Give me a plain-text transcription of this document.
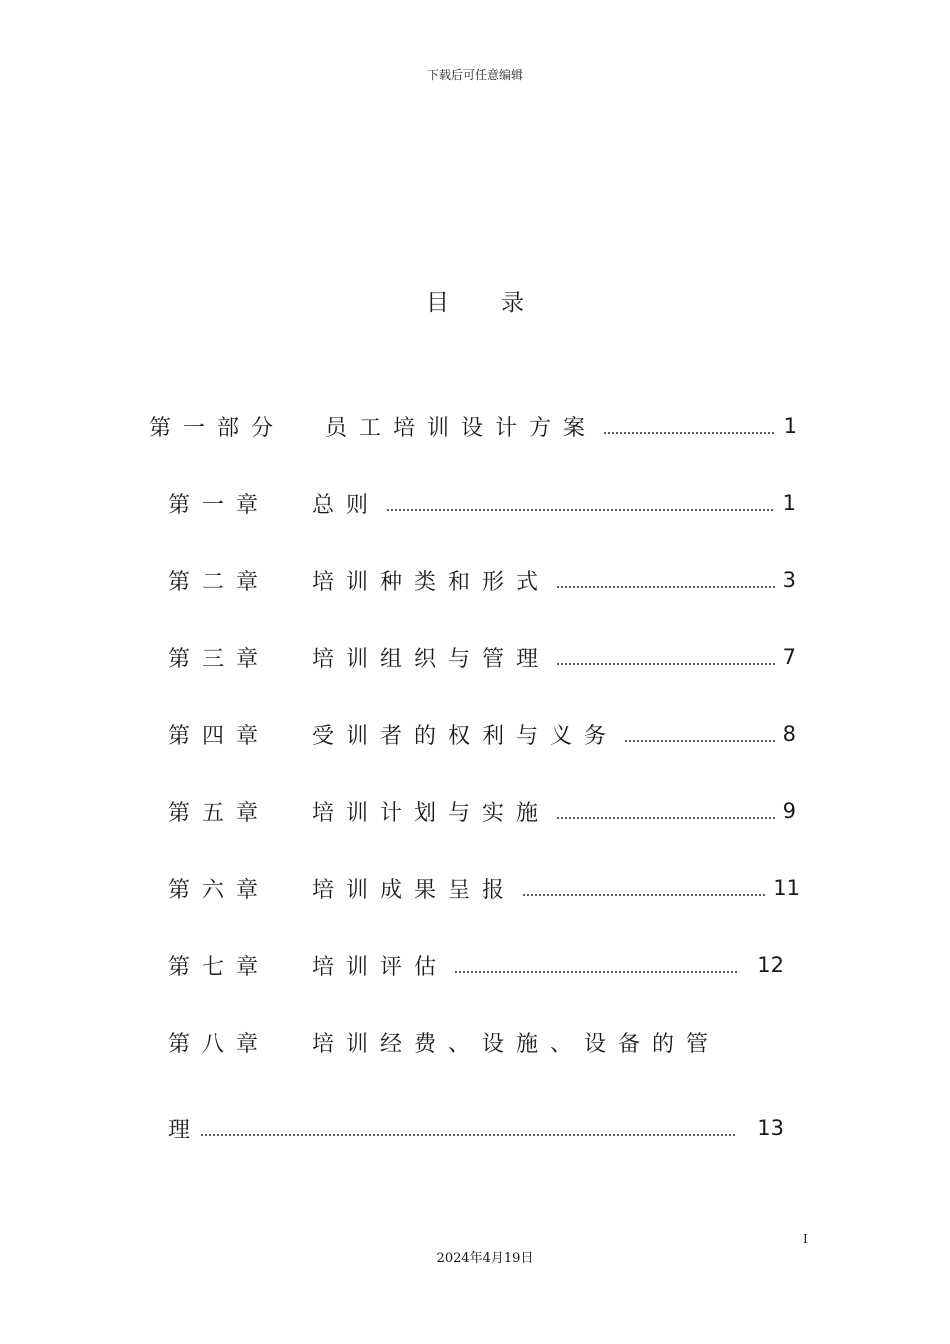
下载后可任意编辑
目录
第一部分 员工培训设计方案	1
第一章 总则	1
第二章 培训种类和形式	3
第三章 培训组织与管理	7
第四章 受训者的权利与义务	8
第五章 培训计划与实施	9
第六章 培训成果呈报	11
第七章 培训评估	12
第八章 培训经费、设施、设备的管
理	13
I
2024年4月19日
